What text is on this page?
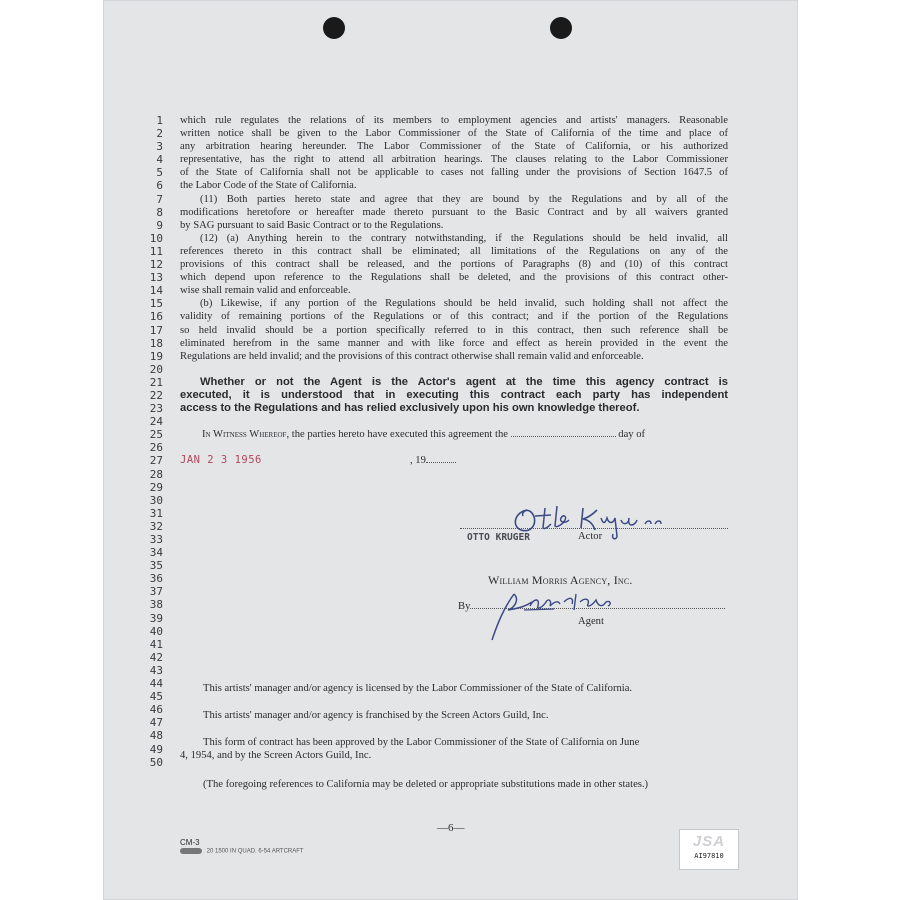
1
2
3
4
5
6
7
8
9
10
11
12
13
14
15
16
17
18
19
20
21
22
23
24
25
26
27
28
29
30
31
32
33
34
35
36
37
38
39
40
41
42
43
44
45
46
47
48
49
50
which rule regulates the relations of its members to employment agencies and artists' managers. Reasonable
written notice shall be given to the Labor Commissioner of the State of California of the time and place of
any arbitration hearing hereunder. The Labor Commissioner of the State of California, or his authorized
representative, has the right to attend all arbitration hearings. The clauses relating to the Labor Commissioner
of the State of California shall not be applicable to cases not falling under the provisions of Section 1647.5 of
the Labor Code of the State of California.
(11) Both parties hereto state and agree that they are bound by the Regulations and by all of the
modifications heretofore or hereafter made thereto pursuant to the Basic Contract and by all waivers granted
by SAG pursuant to said Basic Contract or to the Regulations.
(12) (a) Anything herein to the contrary notwithstanding, if the Regulations should be held invalid, all
references thereto in this contract shall be eliminated; all limitations of the Regulations on any of the
provisions of this contract shall be released, and the portions of Paragraphs (8) and (10) of this contract
which depend upon reference to the Regulations shall be deleted, and the provisions of this contract other-
wise shall remain valid and enforceable.
(b) Likewise, if any portion of the Regulations should be held invalid, such holding shall not affect the
validity of remaining portions of the Regulations or of this contract; and if the portion of the Regulations
so held invalid should be a portion specifically referred to in this contract, then such reference shall be
eliminated herefrom in the same manner and with like force and effect as herein provided in the event the
Regulations are held invalid; and the provisions of this contract otherwise shall remain valid and enforceable.
Whether or not the Agent is the Actor's agent at the time this agency contract is
executed, it is understood that in executing this contract each party has independent
access to the Regulations and has relied exclusively upon his own knowledge thereof.
In Witness Whereof, the parties hereto have executed this agreement the	day of
JAN 2 3 1956	, 19
OTTO KRUGER	Actor
William Morris Agency, Inc.
By
Agent
This artists' manager and/or agency is licensed by the Labor Commissioner of the State of California.
This artists' manager and/or agency is franchised by the Screen Actors Guild, Inc.
This form of contract has been approved by the Labor Commissioner of the State of California on June
4, 1954, and by the Screen Actors Guild, Inc.
(The foregoing references to California may be deleted or appropriate substitutions made in other states.)
—6—
CM-3
20 1500 IN QUAD. 6-54 ARTCRAFT
JSA
AI97810
